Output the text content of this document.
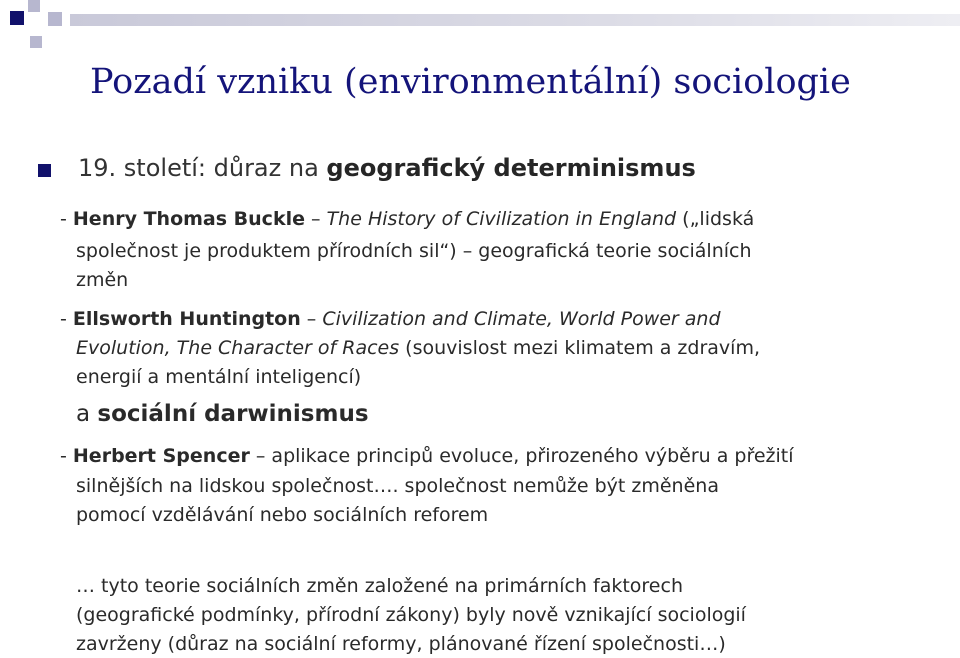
Pozadí vzniku (environmentální) sociologie
19. století: důraz na geografický determinismus
- Henry Thomas Buckle – The History of Civilization in England („lidská
společnost je produktem přírodních sil“) – geografická teorie sociálních
změn
- Ellsworth Huntington – Civilization and Climate, World Power and
Evolution, The Character of Races (souvislost mezi klimatem a zdravím,
energií a mentální inteligencí)
a sociální darwinismus
- Herbert Spencer – aplikace principů evoluce, přirozeného výběru a přežití
silnějších na lidskou společnost…. společnost nemůže být změněna
pomocí vzdělávání nebo sociálních reforem
… tyto teorie sociálních změn založené na primárních faktorech
(geografické podmínky, přírodní zákony) byly nově vznikající sociologií
zavrženy (důraz na sociální reformy, plánované řízení společnosti…)
